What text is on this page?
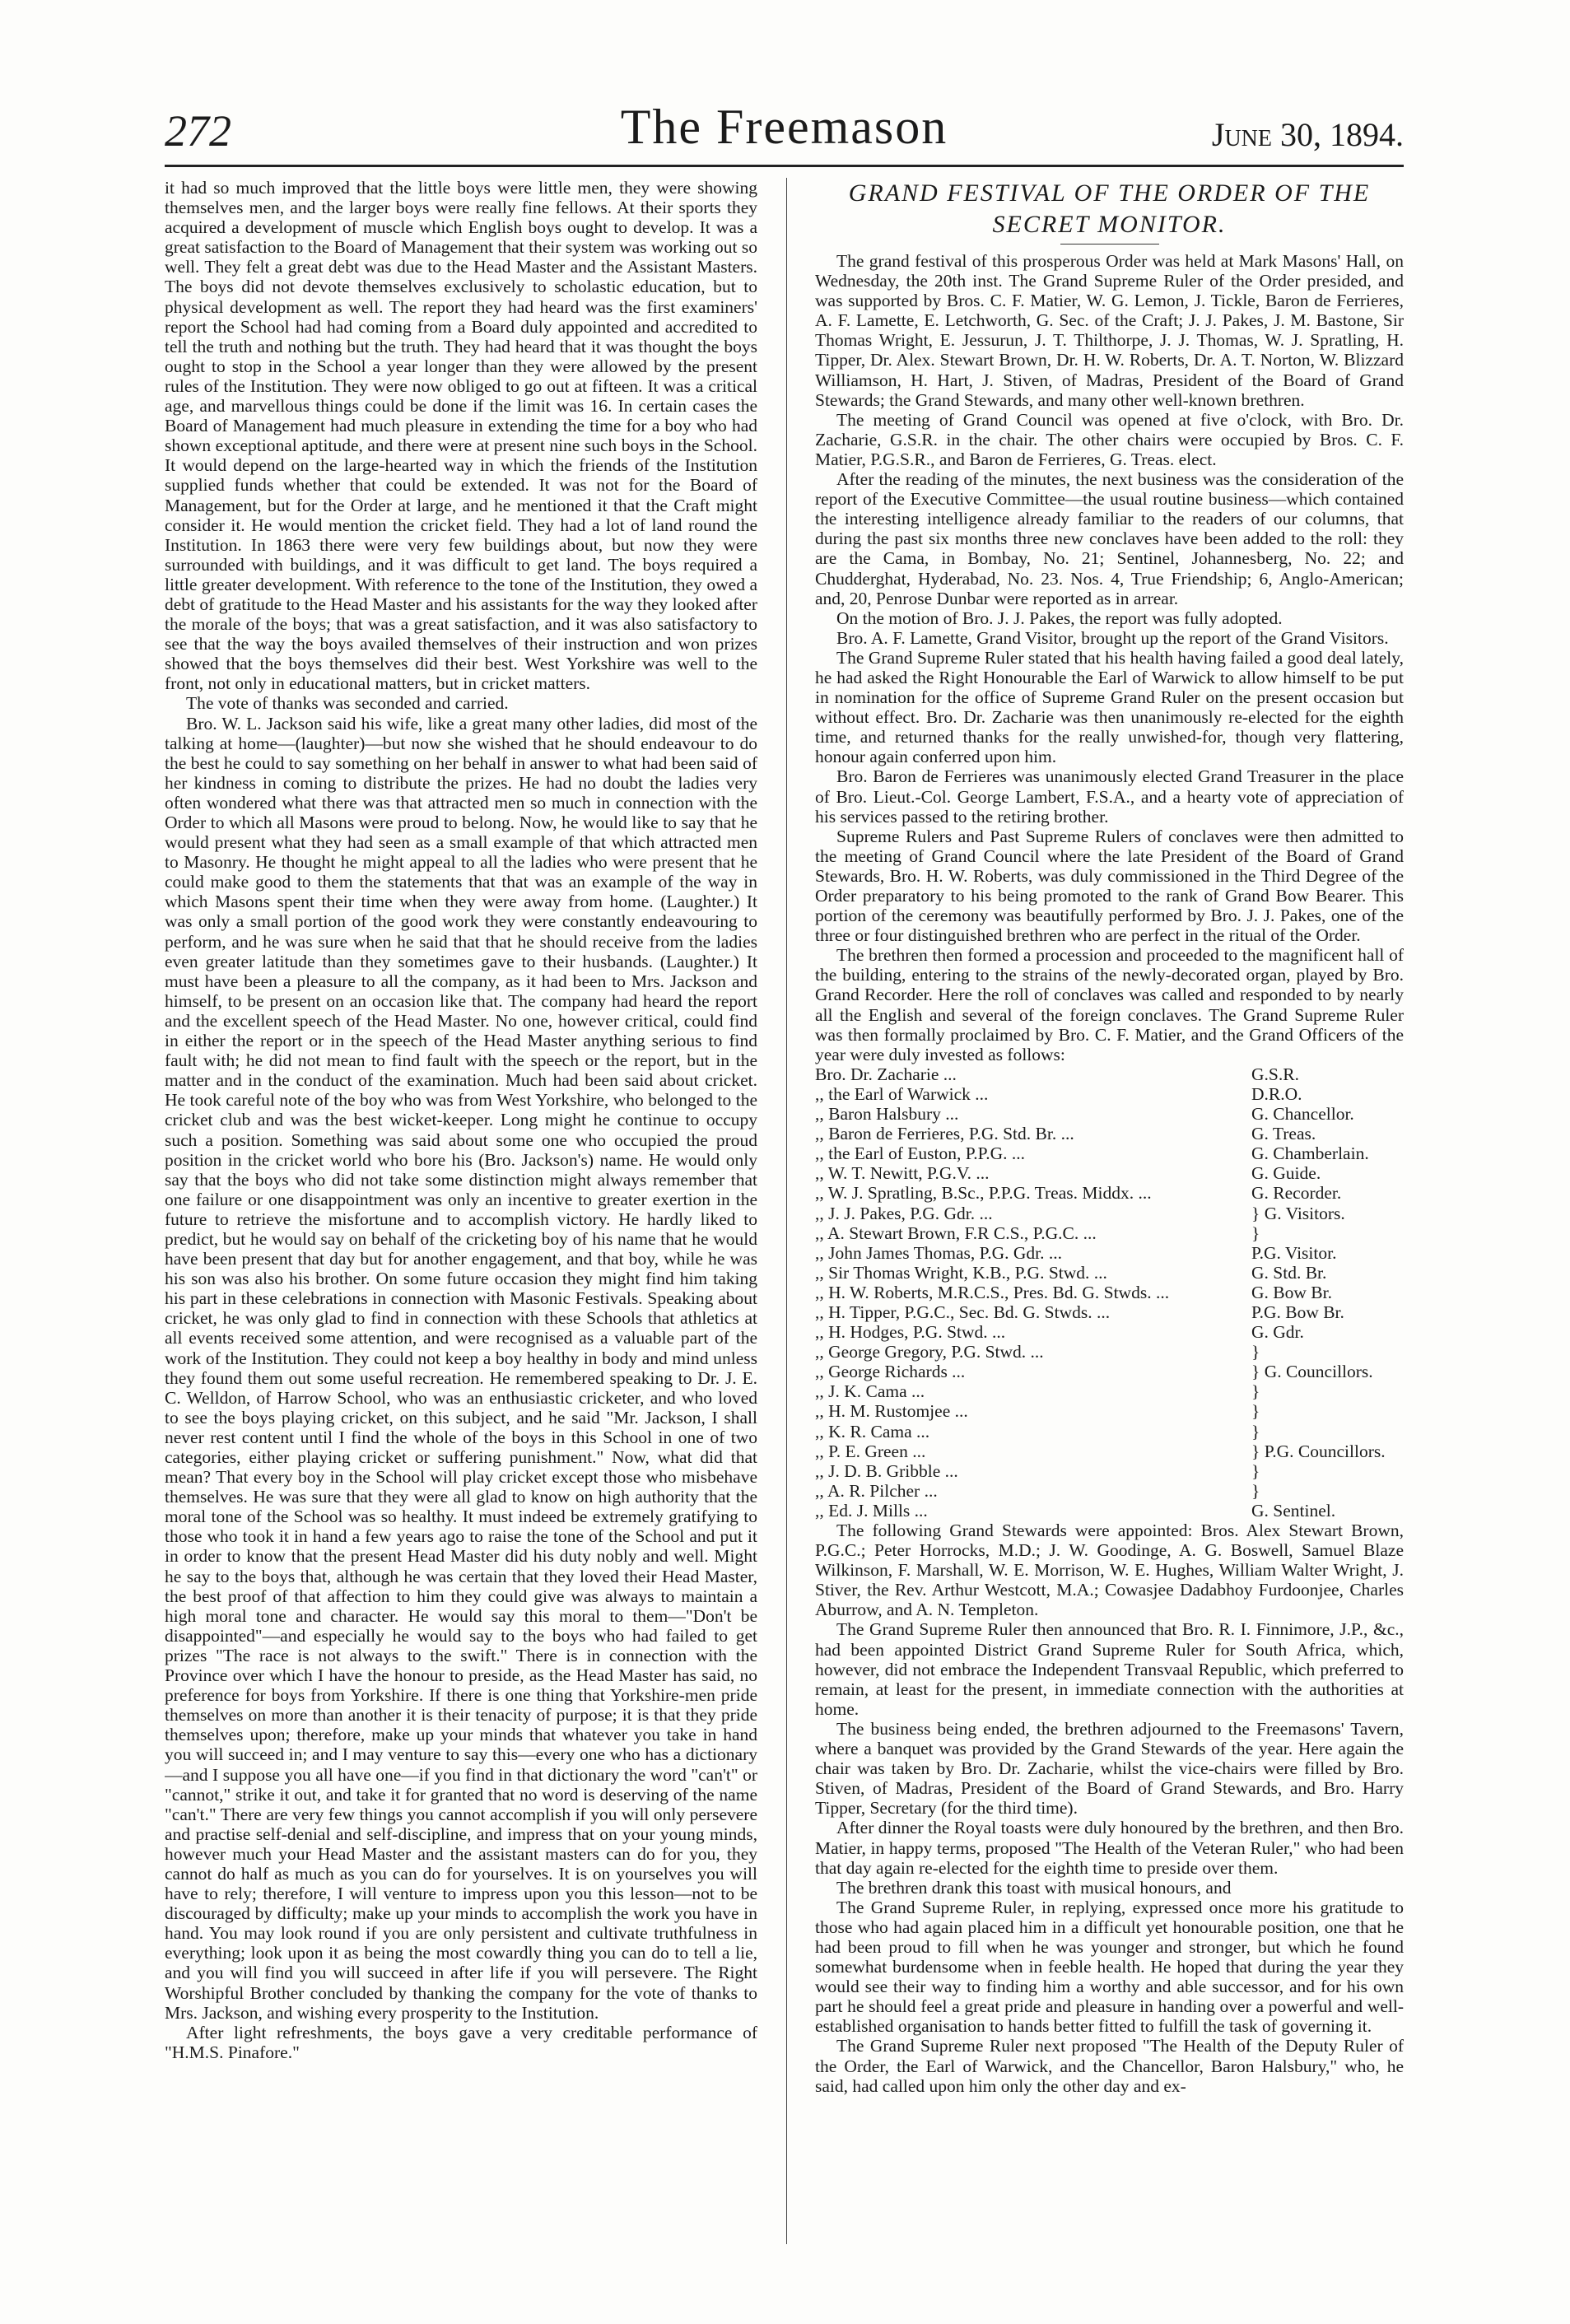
272	The Freemason	June 30, 1894.

it had so much improved that the little boys were little men, they were showing themselves men, and the larger boys were really fine fellows. At their sports they acquired a development of muscle which English boys ought to develop. It was a great satisfaction to the Board of Management that their system was working out so well. They felt a great debt was due to the Head Master and the Assistant Masters. The boys did not devote themselves exclusively to scholastic education, but to physical development as well. The report they had heard was the first examiners' report the School had had coming from a Board duly appointed and accredited to tell the truth and nothing but the truth. They had heard that it was thought the boys ought to stop in the School a year longer than they were allowed by the present rules of the Institution. They were now obliged to go out at fifteen. It was a critical age, and marvellous things could be done if the limit was 16. In certain cases the Board of Management had much pleasure in extending the time for a boy who had shown exceptional aptitude, and there were at present nine such boys in the School. It would depend on the large-hearted way in which the friends of the Institution supplied funds whether that could be extended. It was not for the Board of Management, but for the Order at large, and he mentioned it that the Craft might consider it. He would mention the cricket field. They had a lot of land round the Institution. In 1863 there were very few buildings about, but now they were surrounded with buildings, and it was difficult to get land. The boys required a little greater development. With reference to the tone of the Institution, they owed a debt of gratitude to the Head Master and his assistants for the way they looked after the morale of the boys; that was a great satisfaction, and it was also satisfactory to see that the way the boys availed themselves of their instruction and won prizes showed that the boys themselves did their best. West Yorkshire was well to the front, not only in educational matters, but in cricket matters.

The vote of thanks was seconded and carried.

Bro. W. L. Jackson said his wife, like a great many other ladies, did most of the talking at home—(laughter)—but now she wished that he should endeavour to do the best he could to say something on her behalf in answer to what had been said of her kindness in coming to distribute the prizes. He had no doubt the ladies very often wondered what there was that attracted men so much in connection with the Order to which all Masons were proud to belong. Now, he would like to say that he would present what they had seen as a small example of that which attracted men to Masonry. He thought he might appeal to all the ladies who were present that he could make good to them the statements that that was an example of the way in which Masons spent their time when they were away from home. (Laughter.) It was only a small portion of the good work they were constantly endeavouring to perform, and he was sure when he said that that he should receive from the ladies even greater latitude than they sometimes gave to their husbands. (Laughter.) It must have been a pleasure to all the company, as it had been to Mrs. Jackson and himself, to be present on an occasion like that. The company had heard the report and the excellent speech of the Head Master. No one, however critical, could find in either the report or in the speech of the Head Master anything serious to find fault with; he did not mean to find fault with the speech or the report, but in the matter and in the conduct of the examination. Much had been said about cricket. He took careful note of the boy who was from West Yorkshire, who belonged to the cricket club and was the best wicket-keeper. Long might he continue to occupy such a position. Something was said about some one who occupied the proud position in the cricket world who bore his (Bro. Jackson's) name. He would only say that the boys who did not take some distinction might always remember that one failure or one disappointment was only an incentive to greater exertion in the future to retrieve the misfortune and to accomplish victory. He hardly liked to predict, but he would say on behalf of the cricketing boy of his name that he would have been present that day but for another engagement, and that boy, while he was his son was also his brother. On some future occasion they might find him taking his part in these celebrations in connection with Masonic Festivals. Speaking about cricket, he was only glad to find in connection with these Schools that athletics at all events received some attention, and were recognised as a valuable part of the work of the Institution. They could not keep a boy healthy in body and mind unless they found them out some useful recreation. He remembered speaking to Dr. J. E. C. Welldon, of Harrow School, who was an enthusiastic cricketer, and who loved to see the boys playing cricket, on this subject, and he said "Mr. Jackson, I shall never rest content until I find the whole of the boys in this School in one of two categories, either playing cricket or suffering punishment." Now, what did that mean? That every boy in the School will play cricket except those who misbehave themselves. He was sure that they were all glad to know on high authority that the moral tone of the School was so healthy. It must indeed be extremely gratifying to those who took it in hand a few years ago to raise the tone of the School and put it in order to know that the present Head Master did his duty nobly and well. Might he say to the boys that, although he was certain that they loved their Head Master, the best proof of that affection to him they could give was always to maintain a high moral tone and character. He would say this moral to them—"Don't be disappointed"—and especially he would say to the boys who had failed to get prizes "The race is not always to the swift." There is in connection with the Province over which I have the honour to preside, as the Head Master has said, no preference for boys from Yorkshire. If there is one thing that Yorkshire-men pride themselves on more than another it is their tenacity of purpose; it is that they pride themselves upon; therefore, make up your minds that whatever you take in hand you will succeed in; and I may venture to say this—every one who has a dictionary—and I suppose you all have one—if you find in that dictionary the word "can't" or "cannot," strike it out, and take it for granted that no word is deserving of the name "can't." There are very few things you cannot accomplish if you will only persevere and practise self-denial and self-discipline, and impress that on your young minds, however much your Head Master and the assistant masters can do for you, they cannot do half as much as you can do for yourselves. It is on yourselves you will have to rely; therefore, I will venture to impress upon you this lesson—not to be discouraged by difficulty; make up your minds to accomplish the work you have in hand. You may look round if you are only persistent and cultivate truthfulness in everything; look upon it as being the most cowardly thing you can do to tell a lie, and you will find you will succeed in after life if you will persevere. The Right Worshipful Brother concluded by thanking the company for the vote of thanks to Mrs. Jackson, and wishing every prosperity to the Institution.

After light refreshments, the boys gave a very creditable performance of "H.M.S. Pinafore."

GRAND FESTIVAL OF THE ORDER OF THE SECRET MONITOR.

The grand festival of this prosperous Order was held at Mark Masons' Hall, on Wednesday, the 20th inst. The Grand Supreme Ruler of the Order presided, and was supported by Bros. C. F. Matier, W. G. Lemon, J. Tickle, Baron de Ferrieres, A. F. Lamette, E. Letchworth, G. Sec. of the Craft; J. J. Pakes, J. M. Bastone, Sir Thomas Wright, E. Jessurun, J. T. Thilthorpe, J. J. Thomas, W. J. Spratling, H. Tipper, Dr. Alex. Stewart Brown, Dr. H. W. Roberts, Dr. A. T. Norton, W. Blizzard Williamson, H. Hart, J. Stiven, of Madras, President of the Board of Grand Stewards; the Grand Stewards, and many other well-known brethren.

The meeting of Grand Council was opened at five o'clock, with Bro. Dr. Zacharie, G.S.R. in the chair. The other chairs were occupied by Bros. C. F. Matier, P.G.S.R., and Baron de Ferrieres, G. Treas. elect.

After the reading of the minutes, the next business was the consideration of the report of the Executive Committee—the usual routine business—which contained the interesting intelligence already familiar to the readers of our columns, that during the past six months three new conclaves have been added to the roll: they are the Cama, in Bombay, No. 21; Sentinel, Johannesberg, No. 22; and Chudderghat, Hyderabad, No. 23. Nos. 4, True Friendship; 6, Anglo-American; and, 20, Penrose Dunbar were reported as in arrear.

On the motion of Bro. J. J. Pakes, the report was fully adopted.

Bro. A. F. Lamette, Grand Visitor, brought up the report of the Grand Visitors.

The Grand Supreme Ruler stated that his health having failed a good deal lately, he had asked the Right Honourable the Earl of Warwick to allow himself to be put in nomination for the office of Supreme Grand Ruler on the present occasion but without effect. Bro. Dr. Zacharie was then unanimously re-elected for the eighth time, and returned thanks for the really unwished-for, though very flattering, honour again conferred upon him.

Bro. Baron de Ferrieres was unanimously elected Grand Treasurer in the place of Bro. Lieut.-Col. George Lambert, F.S.A., and a hearty vote of appreciation of his services passed to the retiring brother.

Supreme Rulers and Past Supreme Rulers of conclaves were then admitted to the meeting of Grand Council where the late President of the Board of Grand Stewards, Bro. H. W. Roberts, was duly commissioned in the Third Degree of the Order preparatory to his being promoted to the rank of Grand Bow Bearer. This portion of the ceremony was beautifully performed by Bro. J. J. Pakes, one of the three or four distinguished brethren who are perfect in the ritual of the Order.

The brethren then formed a procession and proceeded to the magnificent hall of the building, entering to the strains of the newly-decorated organ, played by Bro. Grand Recorder. Here the roll of conclaves was called and responded to by nearly all the English and several of the foreign conclaves. The Grand Supreme Ruler was then formally proclaimed by Bro. C. F. Matier, and the Grand Officers of the year were duly invested as follows:

Bro. Dr. Zacharie ...	G.S.R.
,, the Earl of Warwick ...	D.R.O.
,, Baron Halsbury ...	G. Chancellor.
,, Baron de Ferrieres, P.G. Std. Br. ...	G. Treas.
,, the Earl of Euston, P.P.G. ...	G. Chamberlain.
,, W. T. Newitt, P.G.V. ...	G. Guide.
,, W. J. Spratling, B.Sc., P.P.G. Treas. Middx. ...	G. Recorder.
,, J. J. Pakes, P.G. Gdr. ...	} G. Visitors.
,, A. Stewart Brown, F.R C.S., P.G.C. ...	}
,, John James Thomas, P.G. Gdr. ...	P.G. Visitor.
,, Sir Thomas Wright, K.B., P.G. Stwd. ...	G. Std. Br.
,, H. W. Roberts, M.R.C.S., Pres. Bd. G. Stwds. ...	G. Bow Br.
,, H. Tipper, P.G.C., Sec. Bd. G. Stwds. ...	P.G. Bow Br.
,, H. Hodges, P.G. Stwd. ...	G. Gdr.
,, George Gregory, P.G. Stwd. ...	}
,, George Richards ...	} G. Councillors.
,, J. K. Cama ...	}
,, H. M. Rustomjee ...	}
,, K. R. Cama ...	}
,, P. E. Green ...	} P.G. Councillors.
,, J. D. B. Gribble ...	}
,, A. R. Pilcher ...	}
,, Ed. J. Mills ...	G. Sentinel.

The following Grand Stewards were appointed: Bros. Alex Stewart Brown, P.G.C.; Peter Horrocks, M.D.; J. W. Goodinge, A. G. Boswell, Samuel Blaze Wilkinson, F. Marshall, W. E. Morrison, W. E. Hughes, William Walter Wright, J. Stiver, the Rev. Arthur Westcott, M.A.; Cowasjee Dadabhoy Furdoonjee, Charles Aburrow, and A. N. Templeton.

The Grand Supreme Ruler then announced that Bro. R. I. Finnimore, J.P., &c., had been appointed District Grand Supreme Ruler for South Africa, which, however, did not embrace the Independent Transvaal Republic, which preferred to remain, at least for the present, in immediate connection with the authorities at home.

The business being ended, the brethren adjourned to the Freemasons' Tavern, where a banquet was provided by the Grand Stewards of the year. Here again the chair was taken by Bro. Dr. Zacharie, whilst the vice-chairs were filled by Bro. Stiven, of Madras, President of the Board of Grand Stewards, and Bro. Harry Tipper, Secretary (for the third time).

After dinner the Royal toasts were duly honoured by the brethren, and then Bro. Matier, in happy terms, proposed "The Health of the Veteran Ruler," who had been that day again re-elected for the eighth time to preside over them.

The brethren drank this toast with musical honours, and

The Grand Supreme Ruler, in replying, expressed once more his gratitude to those who had again placed him in a difficult yet honourable position, one that he had been proud to fill when he was younger and stronger, but which he found somewhat burdensome when in feeble health. He hoped that during the year they would see their way to finding him a worthy and able successor, and for his own part he should feel a great pride and pleasure in handing over a powerful and well-established organisation to hands better fitted to fulfill the task of governing it.

The Grand Supreme Ruler next proposed "The Health of the Deputy Ruler of the Order, the Earl of Warwick, and the Chancellor, Baron Halsbury," who, he said, had called upon him only the other day and ex-
